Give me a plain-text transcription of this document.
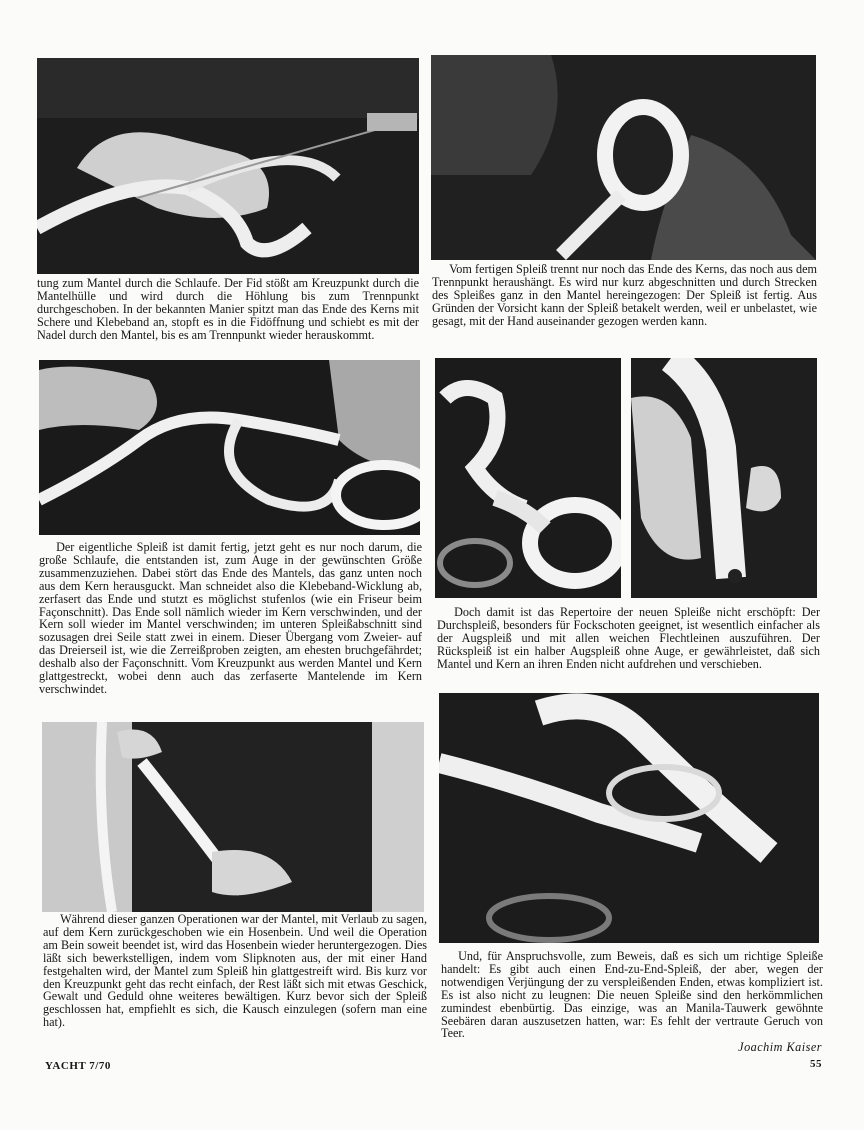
tung zum Mantel durch die Schlaufe. Der Fid stößt am Kreuzpunkt durch die Mantelhülle und wird durch die Höhlung bis zum Trennpunkt durchgeschoben. In der bekannten Manier spitzt man das Ende des Kerns mit Schere und Klebeband an, stopft es in die Fidöffnung und schiebt es mit der Nadel durch den Mantel, bis es am Trennpunkt wieder herauskommt.

Vom fertigen Spleiß trennt nur noch das Ende des Kerns, das noch aus dem Trennpunkt heraushängt. Es wird nur kurz abgeschnitten und durch Strecken des Spleißes ganz in den Mantel hereingezogen: Der Spleiß ist fertig. Aus Gründen der Vorsicht kann der Spleiß betakelt werden, weil er unbelastet, wie gesagt, mit der Hand auseinander gezogen werden kann.

Der eigentliche Spleiß ist damit fertig, jetzt geht es nur noch darum, die große Schlaufe, die entstanden ist, zum Auge in der gewünschten Größe zusammenzuziehen. Dabei stört das Ende des Mantels, das ganz unten noch aus dem Kern herausguckt. Man schneidet also die Klebeband-Wicklung ab, zerfasert das Ende und stutzt es möglichst stufenlos (wie ein Friseur beim Façonschnitt). Das Ende soll nämlich wieder im Kern verschwinden, und der Kern soll wieder im Mantel verschwinden; im unteren Spleißabschnitt sind sozusagen drei Seile statt zwei in einem. Dieser Übergang vom Zweier- auf das Dreierseil ist, wie die Zerreißproben zeigten, am ehesten bruchgefährdet; deshalb also der Façonschnitt. Vom Kreuzpunkt aus werden Mantel und Kern glattgestreckt, wobei denn auch das zerfaserte Mantelende im Kern verschwindet.

Doch damit ist das Repertoire der neuen Spleiße nicht erschöpft: Der Durchspleiß, besonders für Fockschoten geeignet, ist wesentlich einfacher als der Augspleiß und mit allen weichen Flechtleinen auszuführen. Der Rückspleiß ist ein halber Augspleiß ohne Auge, er gewährleistet, daß sich Mantel und Kern an ihren Enden nicht aufdrehen und verschieben.

Während dieser ganzen Operationen war der Mantel, mit Verlaub zu sagen, auf dem Kern zurückgeschoben wie ein Hosenbein. Und weil die Operation am Bein soweit beendet ist, wird das Hosenbein wieder heruntergezogen. Dies läßt sich bewerkstelligen, indem vom Slipknoten aus, der mit einer Hand festgehalten wird, der Mantel zum Spleiß hin glattgestreift wird. Bis kurz vor den Kreuzpunkt geht das recht einfach, der Rest läßt sich mit etwas Geschick, Gewalt und Geduld ohne weiteres bewältigen. Kurz bevor sich der Spleiß geschlossen hat, empfiehlt es sich, die Kausch einzulegen (sofern man eine hat).

Und, für Anspruchsvolle, zum Beweis, daß es sich um richtige Spleiße handelt: Es gibt auch einen End-zu-End-Spleiß, der aber, wegen der notwendigen Verjüngung der zu verspleißenden Enden, etwas kompliziert ist. Es ist also nicht zu leugnen: Die neuen Spleiße sind den herkömmlichen zumindest ebenbürtig. Das einzige, was an Manila-Tauwerk gewöhnte Seebären daran auszusetzen hatten, war: Es fehlt der vertraute Geruch von Teer.

Joachim Kaiser
YACHT 7/70	55
